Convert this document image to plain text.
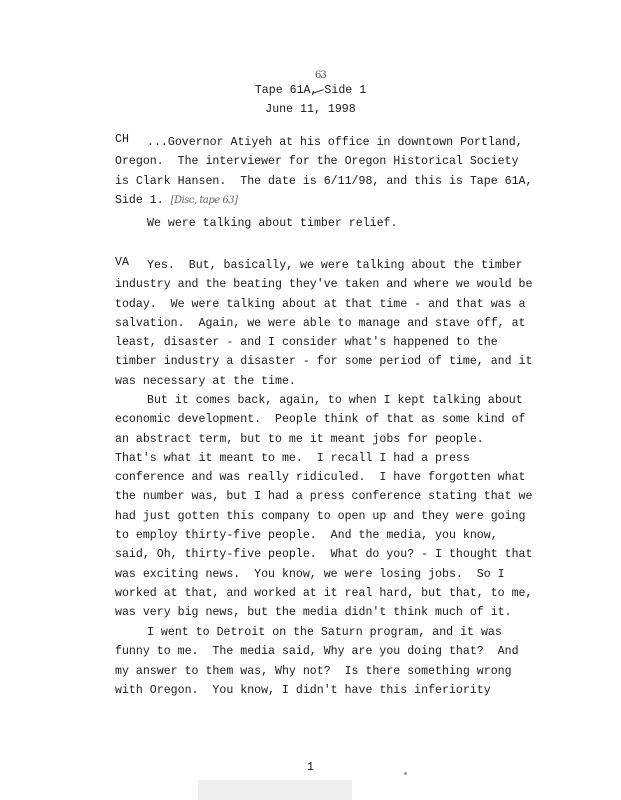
Tape 61A, Side 1
63
June 11, 1998
CH	...Governor Atiyeh at his office in downtown Portland,
Oregon.  The interviewer for the Oregon Historical Society
is Clark Hansen.  The date is 6/11/98, and this is Tape 61A,
Side 1. [Disc, tape 63]
We were talking about timber relief.
VA	Yes.  But, basically, we were talking about the timber
industry and the beating they've taken and where we would be
today.  We were talking about at that time - and that was a
salvation.  Again, we were able to manage and stave off, at
least, disaster - and I consider what's happened to the
timber industry a disaster - for some period of time, and it
was necessary at the time.
But it comes back, again, to when I kept talking about
economic development.  People think of that as some kind of
an abstract term, but to me it meant jobs for people.
That's what it meant to me.  I recall I had a press
conference and was really ridiculed.  I have forgotten what
the number was, but I had a press conference stating that we
had just gotten this company to open up and they were going
to employ thirty-five people.  And the media, you know,
said, Oh, thirty-five people.  What do you? - I thought that
was exciting news.  You know, we were losing jobs.  So I
worked at that, and worked at it real hard, but that, to me,
was very big news, but the media didn't think much of it.
I went to Detroit on the Saturn program, and it was
funny to me.  The media said, Why are you doing that?  And
my answer to them was, Why not?  Is there something wrong
with Oregon.  You know, I didn't have this inferiority
1
